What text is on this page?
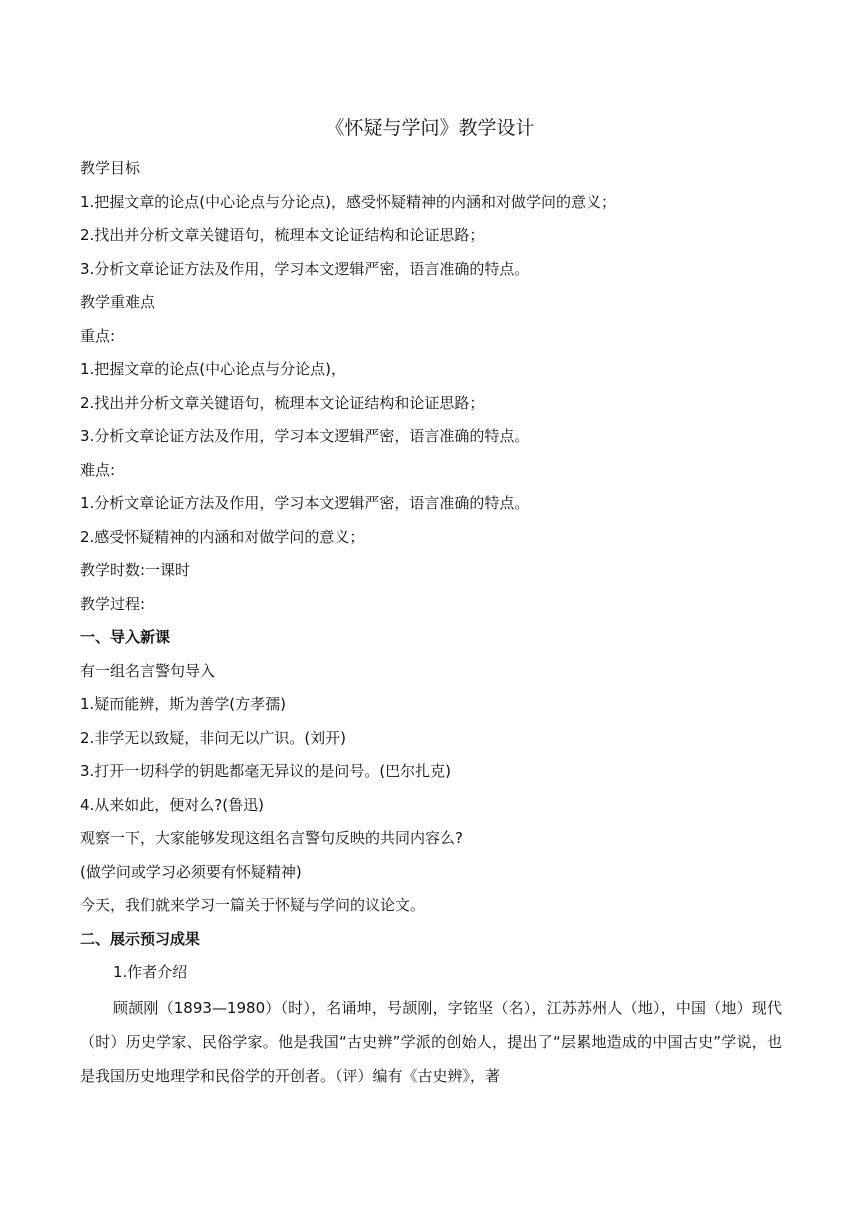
《怀疑与学问》教学设计
教学目标
1.把握文章的论点(中心论点与分论点)，感受怀疑精神的内涵和对做学问的意义；
2.找出并分析文章关键语句，梳理本文论证结构和论证思路；
3.分析文章论证方法及作用，学习本文逻辑严密，语言准确的特点。
教学重难点
重点:
1.把握文章的论点(中心论点与分论点)，
2.找出并分析文章关键语句，梳理本文论证结构和论证思路；
3.分析文章论证方法及作用，学习本文逻辑严密，语言准确的特点。
难点:
1.分析文章论证方法及作用，学习本文逻辑严密，语言准确的特点。
2.感受怀疑精神的内涵和对做学问的意义；
教学时数:一课时
教学过程:
一、导入新课
有一组名言警句导入
1.疑而能辨，斯为善学(方孝孺)
2.非学无以致疑，非问无以广识。(刘开)
3.打开一切科学的钥匙都毫无异议的是问号。(巴尔扎克)
4.从来如此，便对么?(鲁迅)
观察一下，大家能够发现这组名言警句反映的共同内容么?
(做学问或学习必须要有怀疑精神)
今天，我们就来学习一篇关于怀疑与学问的议论文。
二、展示预习成果
1.作者介绍
顾颉刚（1893—1980）（时），名诵坤，号颉刚，字铭坚（名），江苏苏州人（地），中国（地）现代（时）历史学家、民俗学家。他是我国“古史辨”学派的创始人，提出了“层累地造成的中国古史”学说，也是我国历史地理学和民俗学的开创者。（评）编有《古史辨》，著
